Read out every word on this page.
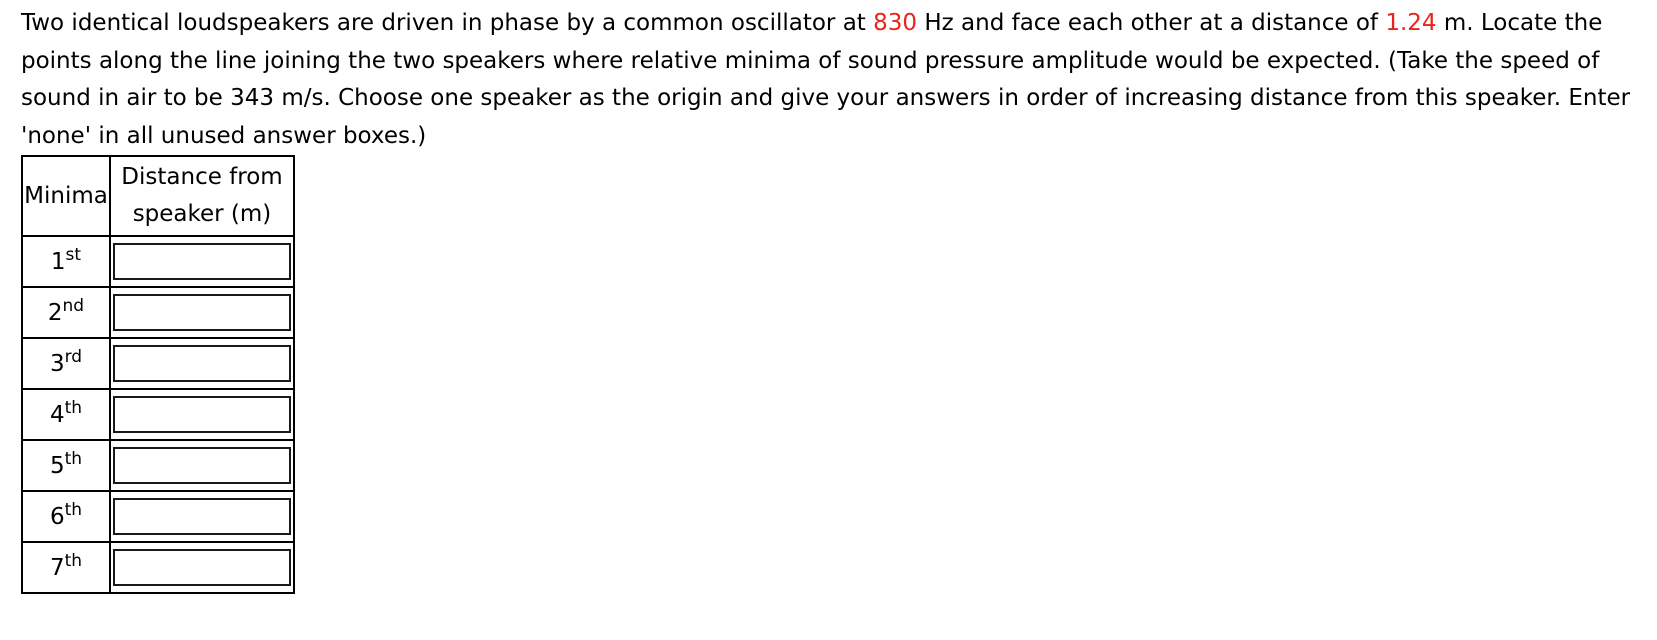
Two identical loudspeakers are driven in phase by a common oscillator at 830 Hz and face each other at a distance of 1.24 m. Locate the points along the line joining the two speakers where relative minima of sound pressure amplitude would be expected. (Take the speed of sound in air to be 343 m/s. Choose one speaker as the origin and give your answers in order of increasing distance from this speaker. Enter 'none' in all unused answer boxes.)

Minima	Distance from
speaker (m)
1st	

2nd	

3rd	

4th	

5th	

6th	

7th	
